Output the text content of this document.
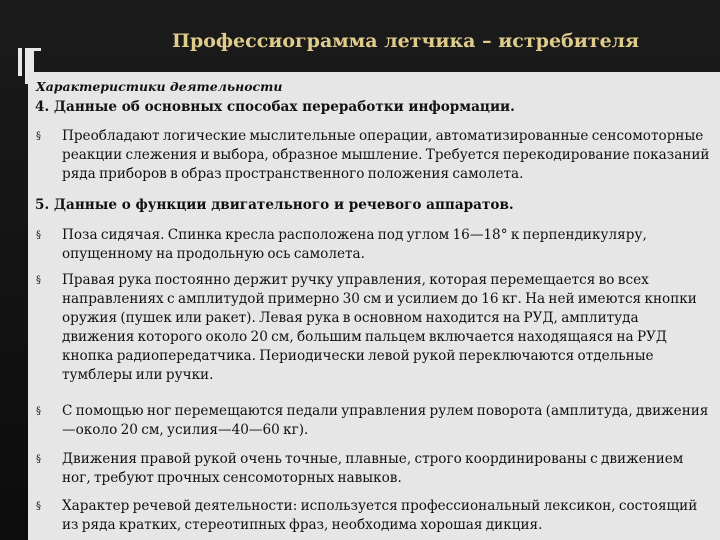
Профессиограмма летчика – истребителя
Характеристики деятельности
4. Данные об основных способах переработки информации.
§ Преобладают логические мыслительные операции, автоматизированные сенсомоторные реакции слежения и выбора, образное мышление. Требуется перекодирование показаний ряда приборов в образ пространственного положения самолета.
5. Данные о функции двигательного и речевого аппаратов.
§ Поза сидячая. Спинка кресла расположена под углом 16—18° к перпендикуляру, опущенному на продольную ось самолета.
§ Правая рука постоянно держит ручку управления, которая перемещается во всех направлениях с амплитудой примерно 30 см и усилием до 16 кг. На ней имеются кнопки оружия (пушек или ракет). Левая рука в основном находится на РУД, амплитуда движения которого около 20 см, большим пальцем включается находящаяся на РУД кнопка радиопередатчика. Периодически левой рукой переключаются отдельные тумблеры или ручки.
§ С помощью ног перемещаются педали управления рулем поворота (амплитуда, движения—около 20 см, усилия—40—60 кг).
§ Движения правой рукой очень точные, плавные, строго координированы с движением ног, требуют прочных сенсомоторных навыков.
§ Характер речевой деятельности: используется профессиональный лексикон, состоящий из ряда кратких, стереотипных фраз, необходима хорошая дикция.
